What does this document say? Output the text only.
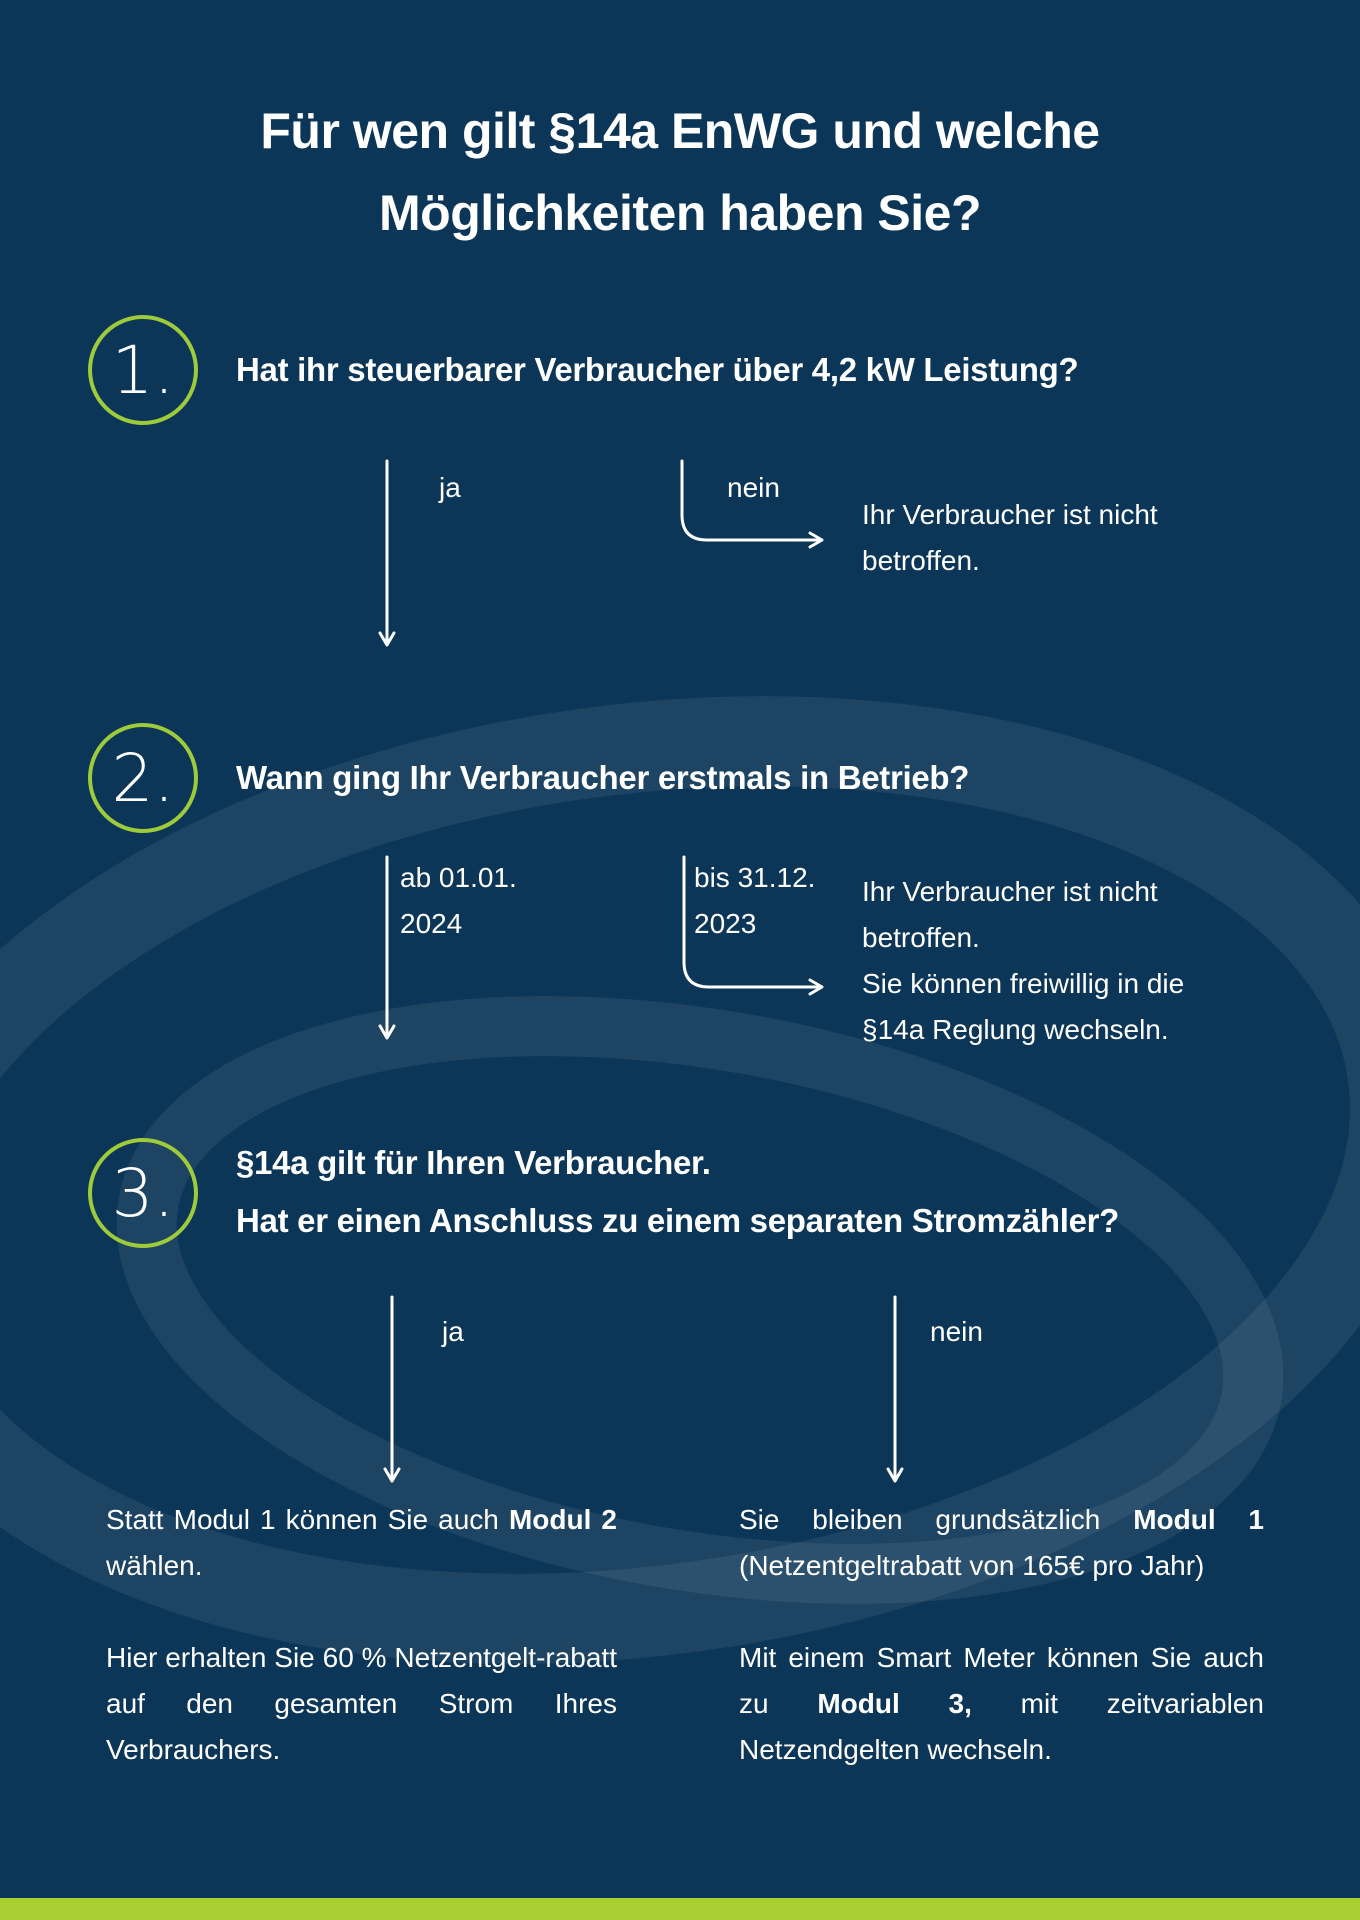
Für wen gilt §14a EnWG und welche
Möglichkeiten haben Sie?
1.	Hat ihr steuerbarer Verbraucher über 4,2 kW Leistung?
ja	nein
Ihr Verbraucher ist nicht
betroffen.
2.	Wann ging Ihr Verbraucher erstmals in Betrieb?
ab 01.01.
2024
bis 31.12.
2023
Ihr Verbraucher ist nicht
betroffen.
Sie können freiwillig in die
§14a Reglung wechseln.
3.	§14a gilt für Ihren Verbraucher.
Hat er einen Anschluss zu einem separaten Stromzähler?
ja	nein

Statt Modul 1 können Sie auch Modul 2 wählen.

Hier erhalten Sie 60 % Netzentgelt-rabatt auf den gesamten Strom Ihres Verbrauchers.

Sie bleiben grundsätzlich Modul 1 (Netzentgeltrabatt von 165€ pro Jahr)

Mit einem Smart Meter können Sie auch zu Modul 3, mit zeitvariablen Netzendgelten wechseln.
